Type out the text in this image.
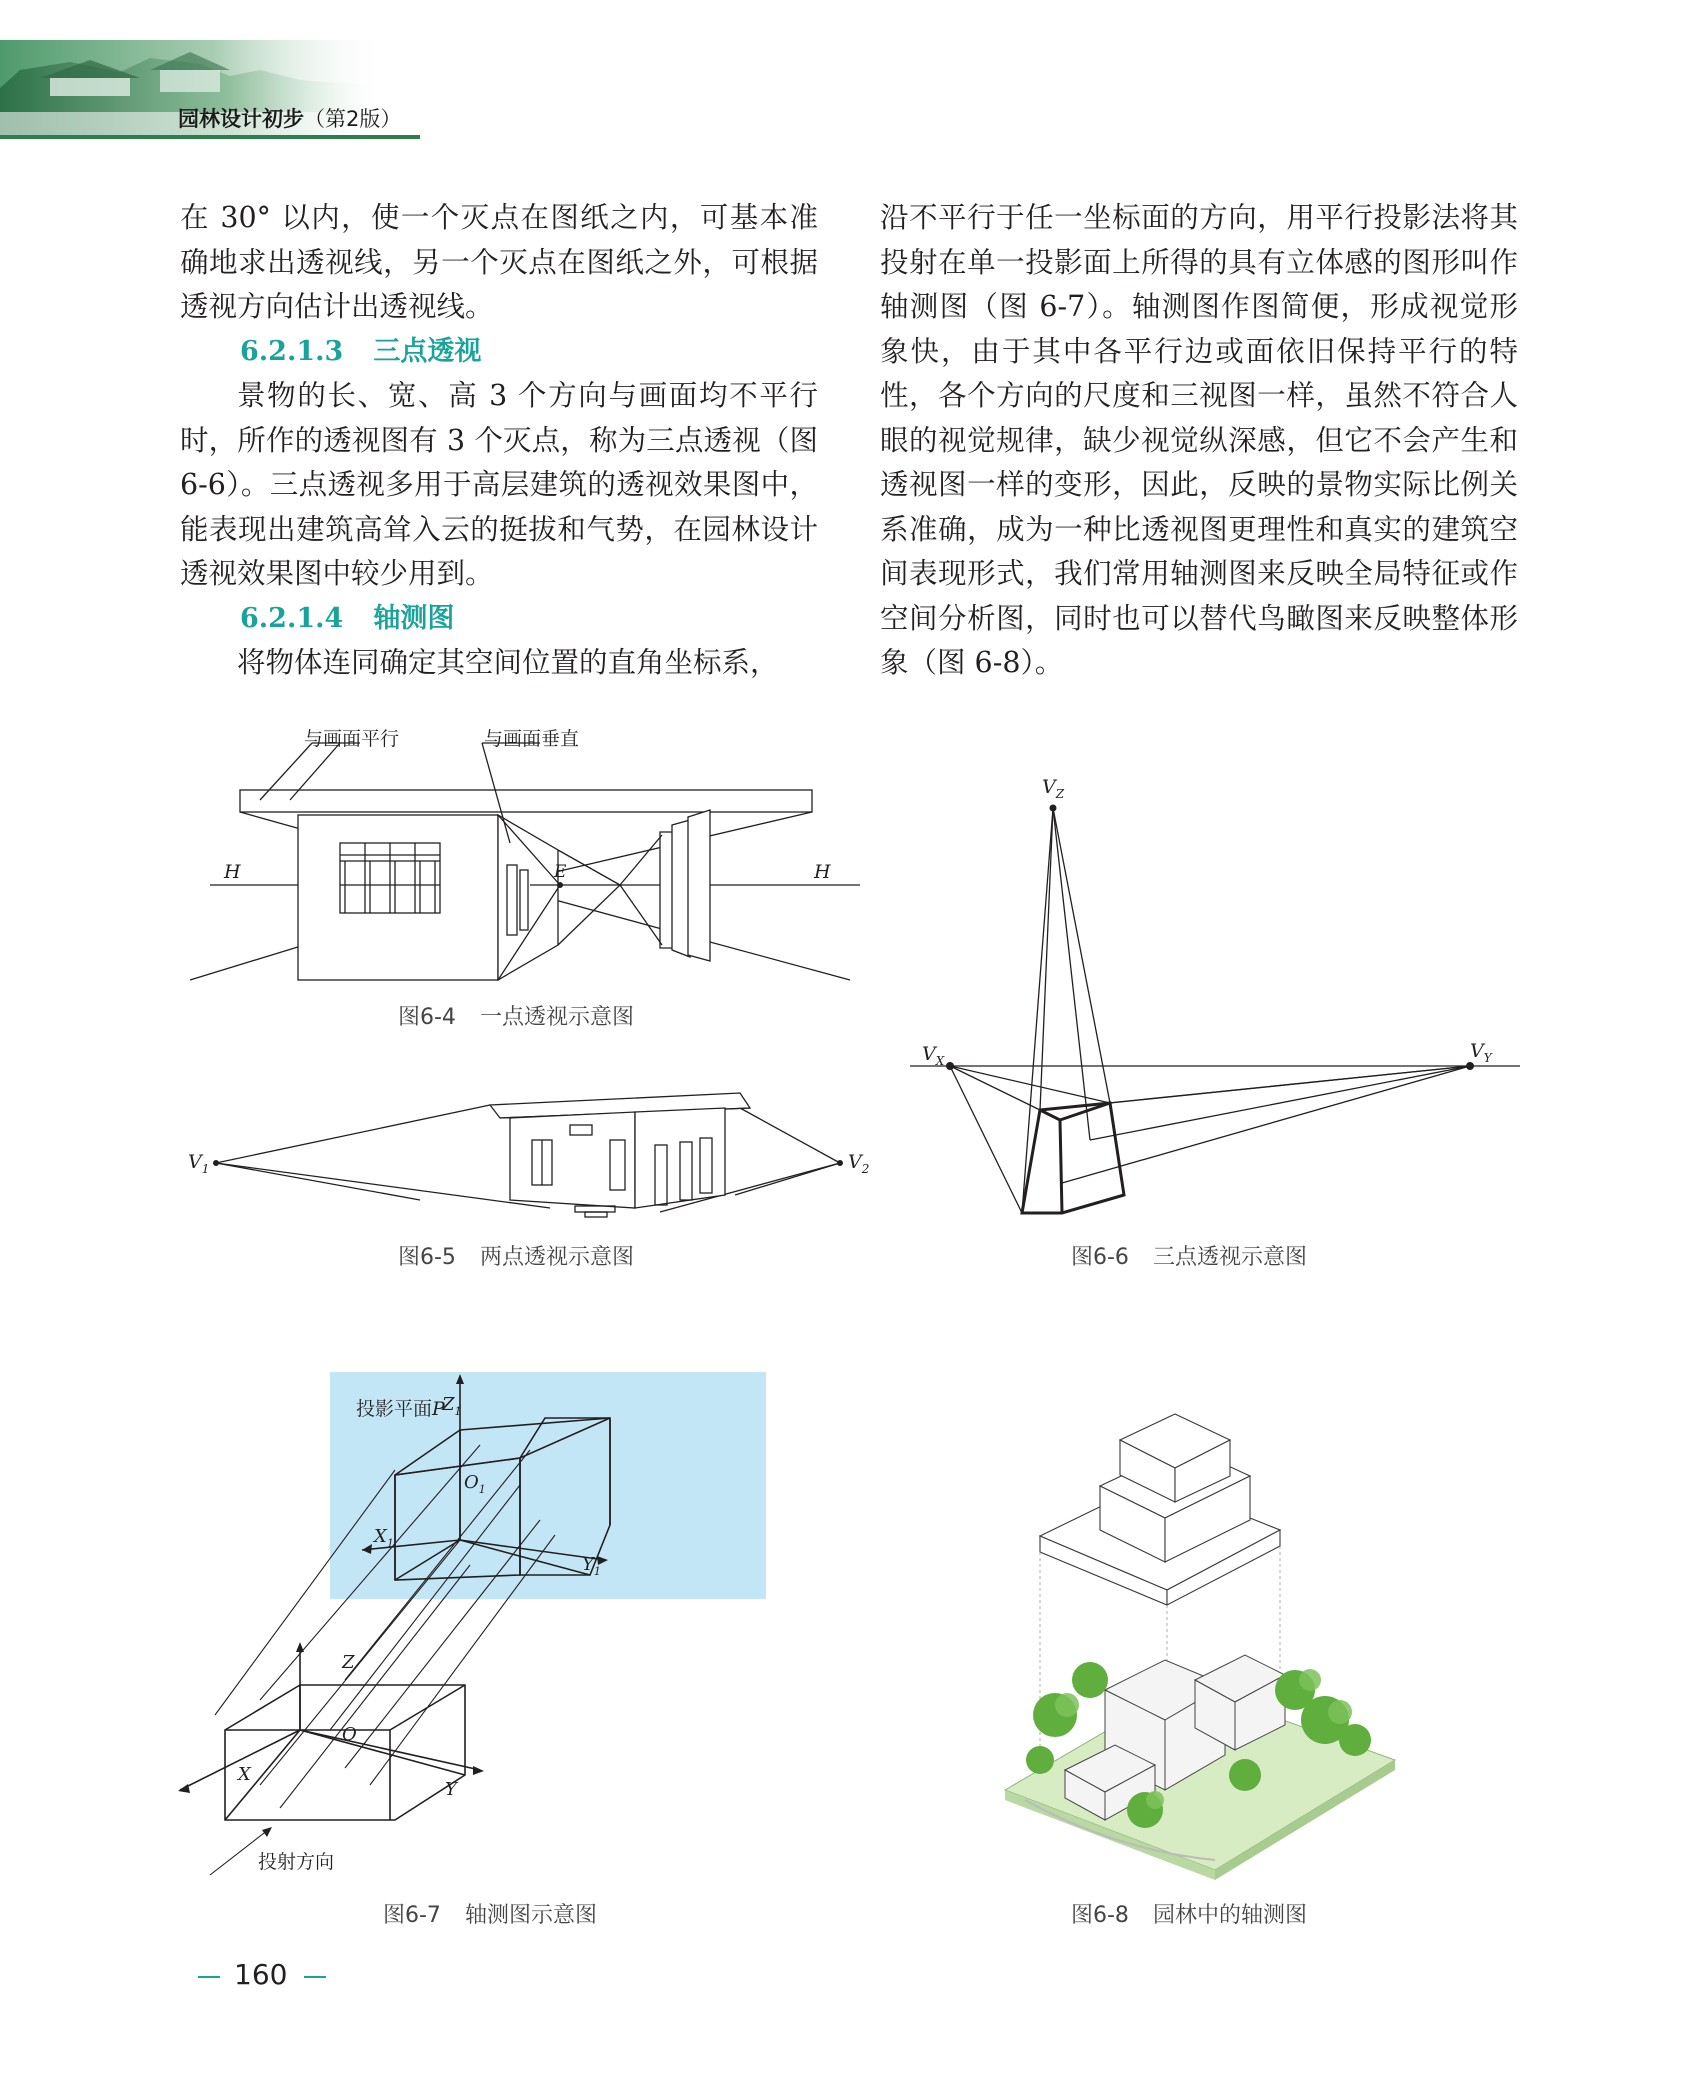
园林设计初步（第2版）

在 30° 以内，使一个灭点在图纸之内，可基本准确地求出透视线，另一个灭点在图纸之外，可根据透视方向估计出透视线。

6.2.1.3 三点透视

景物的长、宽、高 3 个方向与画面均不平行时，所作的透视图有 3 个灭点，称为三点透视（图 6-6）。三点透视多用于高层建筑的透视效果图中，能表现出建筑高耸入云的挺拔和气势，在园林设计透视效果图中较少用到。

6.2.1.4 轴测图

将物体连同确定其空间位置的直角坐标系，

沿不平行于任一坐标面的方向，用平行投影法将其投射在单一投影面上所得的具有立体感的图形叫作轴测图（图 6-7）。轴测图作图简便，形成视觉形象快，由于其中各平行边或面依旧保持平行的特性，各个方向的尺度和三视图一样，虽然不符合人眼的视觉规律，缺少视觉纵深感，但它不会产生和透视图一样的变形，因此，反映的景物实际比例关系准确，成为一种比透视图更理性和真实的建筑空间表现形式，我们常用轴测图来反映全局特征或作空间分析图，同时也可以替代鸟瞰图来反映整体形象（图 6-8）。

与画面平行	与画面垂直
H	H
E
图6-4 一点透视示意图
$V_1$	$V_2$
图6-5 两点透视示意图
$V_Z$
$V_X$	$V_Y$
图6-6 三点透视示意图
投影平面P
$Z_1$
$O_1$
$X_1$
$Y_1$
Z
O
X
Y
投射方向
图6-7 轴测图示意图	图6-8 园林中的轴测图
160
